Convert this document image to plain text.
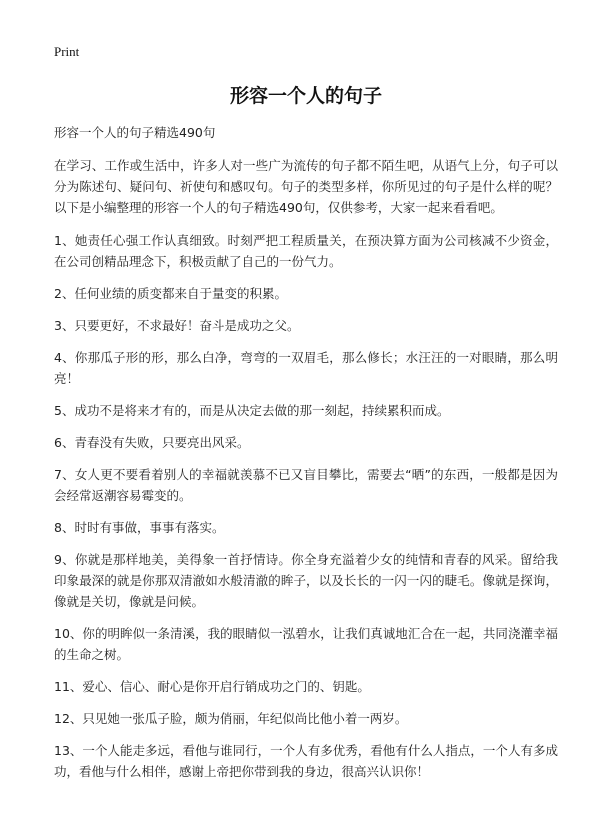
Print
形容一个人的句子
形容一个人的句子精选490句
在学习、工作或生活中，许多人对一些广为流传的句子都不陌生吧，从语气上分，句子可以分为陈述句、疑问句、祈使句和感叹句。句子的类型多样，你所见过的句子是什么样的呢？以下是小编整理的形容一个人的句子精选490句，仅供参考，大家一起来看看吧。
1、她责任心强工作认真细致。时刻严把工程质量关，在预决算方面为公司核减不少资金，在公司创精品理念下，积极贡献了自己的一份气力。
2、任何业绩的质变都来自于量变的积累。
3、只要更好，不求最好！奋斗是成功之父。
4、你那瓜子形的形，那么白净，弯弯的一双眉毛，那么修长；水汪汪的一对眼睛，那么明亮！
5、成功不是将来才有的，而是从决定去做的那一刻起，持续累积而成。
6、青春没有失败，只要亮出风采。
7、女人更不要看着别人的幸福就羡慕不已又盲目攀比，需要去“晒”的东西，一般都是因为会经常返潮容易霉变的。
8、时时有事做，事事有落实。
9、你就是那样地美，美得象一首抒情诗。你全身充溢着少女的纯情和青春的风采。留给我印象最深的就是你那双清澈如水般清澈的眸子，以及长长的一闪一闪的睫毛。像就是探询，像就是关切，像就是问候。
10、你的明眸似一条清溪，我的眼睛似一泓碧水，让我们真诚地汇合在一起，共同浇灌幸福的生命之树。
11、爱心、信心、耐心是你开启行销成功之门的、钥匙。
12、只见她一张瓜子脸，颇为俏丽，年纪似尚比他小着一两岁。
13、一个人能走多远，看他与谁同行，一个人有多优秀，看他有什么人指点，一个人有多成功，看他与什么相伴，感谢上帝把你带到我的身边，很高兴认识你！
